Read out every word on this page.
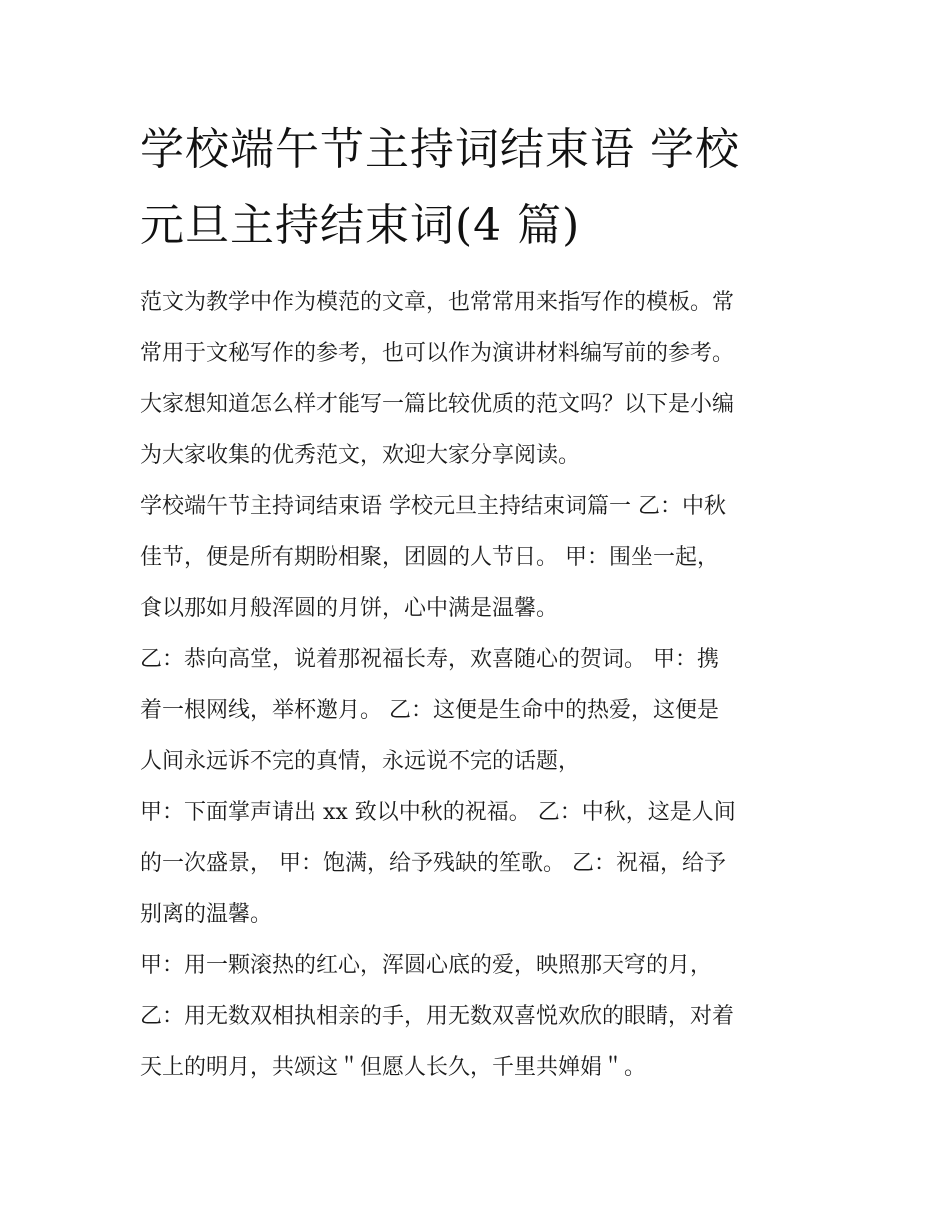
学校端午节主持词结束语 学校
元旦主持结束词(4 篇)

范文为教学中作为模范的文章，也常常用来指写作的模板。常
常用于文秘写作的参考，也可以作为演讲材料编写前的参考。
大家想知道怎么样才能写一篇比较优质的范文吗？以下是小编
为大家收集的优秀范文，欢迎大家分享阅读。

学校端午节主持词结束语 学校元旦主持结束词篇一 乙：中秋
佳节，便是所有期盼相聚，团圆的人节日。 甲：围坐一起，
食以那如月般浑圆的月饼，心中满是温馨。

乙：恭向高堂，说着那祝福长寿，欢喜随心的贺词。 甲：携
着一根网线，举杯邀月。 乙：这便是生命中的热爱，这便是
人间永远诉不完的真情，永远说不完的话题，

甲：下面掌声请出 xx 致以中秋的祝福。 乙：中秋，这是人间
的一次盛景， 甲：饱满，给予残缺的笙歌。 乙：祝福，给予
别离的温馨。

甲：用一颗滚热的红心，浑圆心底的爱，映照那天穹的月，

乙：用无数双相执相亲的手，用无数双喜悦欢欣的眼睛，对着
天上的明月，共颂这＂但愿人长久，千里共婵娟＂。
